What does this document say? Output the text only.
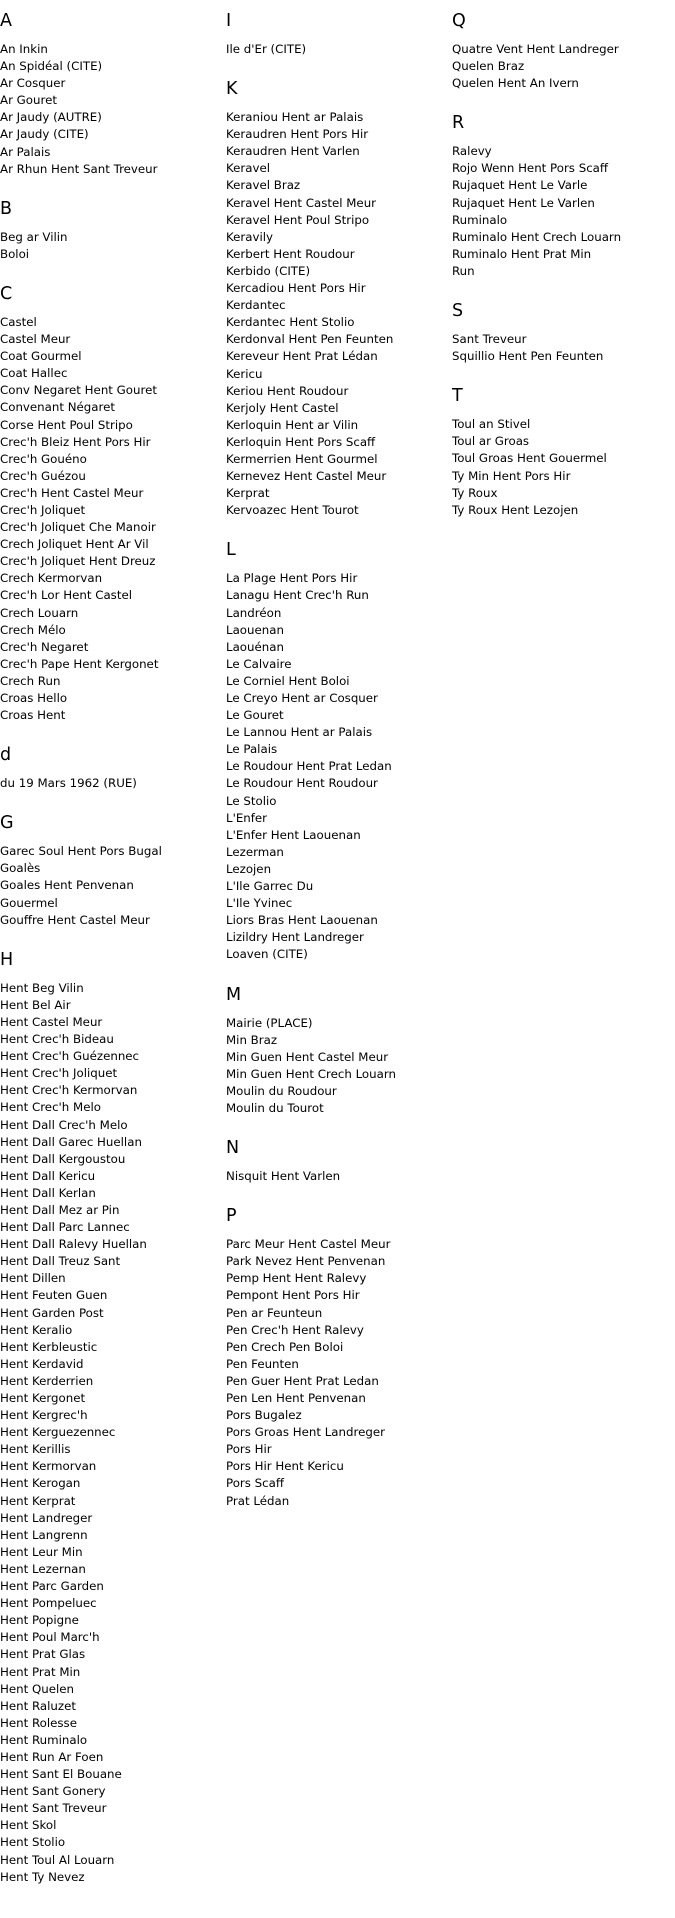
A
An Inkin
An Spidéal (CITE)
Ar Cosquer
Ar Gouret
Ar Jaudy (AUTRE)
Ar Jaudy (CITE)
Ar Palais
Ar Rhun Hent Sant Treveur
B
Beg ar Vilin
Boloi
C
Castel
Castel Meur
Coat Gourmel
Coat Hallec
Conv Negaret Hent Gouret
Convenant Négaret
Corse Hent Poul Stripo
Crec'h Bleiz Hent Pors Hir
Crec'h Gouéno
Crec'h Guézou
Crec'h Hent Castel Meur
Crec'h Joliquet
Crec'h Joliquet Che Manoir
Crech Joliquet Hent Ar Vil
Crec'h Joliquet Hent Dreuz
Crech Kermorvan
Crec'h Lor Hent Castel
Crech Louarn
Crech Mélo
Crec'h Negaret
Crec'h Pape Hent Kergonet
Crech Run
Croas Hello
Croas Hent
d
du 19 Mars 1962 (RUE)
G
Garec Soul Hent Pors Bugal
Goalès
Goales Hent Penvenan
Gouermel
Gouffre Hent Castel Meur
H
Hent Beg Vilin
Hent Bel Air
Hent Castel Meur
Hent Crec'h Bideau
Hent Crec'h Guézennec
Hent Crec'h Joliquet
Hent Crec'h Kermorvan
Hent Crec'h Melo
Hent Dall Crec'h Melo
Hent Dall Garec Huellan
Hent Dall Kergoustou
Hent Dall Kericu
Hent Dall Kerlan
Hent Dall Mez ar Pin
Hent Dall Parc Lannec
Hent Dall Ralevy Huellan
Hent Dall Treuz Sant
Hent Dillen
Hent Feuten Guen
Hent Garden Post
Hent Keralio
Hent Kerbleustic
Hent Kerdavid
Hent Kerderrien
Hent Kergonet
Hent Kergrec'h
Hent Kerguezennec
Hent Kerillis
Hent Kermorvan
Hent Kerogan
Hent Kerprat
Hent Landreger
Hent Langrenn
Hent Leur Min
Hent Lezernan
Hent Parc Garden
Hent Pompeluec
Hent Popigne
Hent Poul Marc'h
Hent Prat Glas
Hent Prat Min
Hent Quelen
Hent Raluzet
Hent Rolesse
Hent Ruminalo
Hent Run Ar Foen
Hent Sant El Bouane
Hent Sant Gonery
Hent Sant Treveur
Hent Skol
Hent Stolio
Hent Toul Al Louarn
Hent Ty Nevez
I
Ile d'Er (CITE)
K
Keraniou Hent ar Palais
Keraudren Hent Pors Hir
Keraudren Hent Varlen
Keravel
Keravel Braz
Keravel Hent Castel Meur
Keravel Hent Poul Stripo
Keravily
Kerbert Hent Roudour
Kerbido (CITE)
Kercadiou Hent Pors Hir
Kerdantec
Kerdantec Hent Stolio
Kerdonval Hent Pen Feunten
Kereveur Hent Prat Lédan
Kericu
Keriou Hent Roudour
Kerjoly Hent Castel
Kerloquin Hent ar Vilin
Kerloquin Hent Pors Scaff
Kermerrien Hent Gourmel
Kernevez Hent Castel Meur
Kerprat
Kervoazec Hent Tourot
L
La Plage Hent Pors Hir
Lanagu Hent Crec'h Run
Landréon
Laouenan
Laouénan
Le Calvaire
Le Corniel Hent Boloi
Le Creyo Hent ar Cosquer
Le Gouret
Le Lannou Hent ar Palais
Le Palais
Le Roudour Hent Prat Ledan
Le Roudour Hent Roudour
Le Stolio
L'Enfer
L'Enfer Hent Laouenan
Lezerman
Lezojen
L'Ile Garrec Du
L'Ile Yvinec
Liors Bras Hent Laouenan
Lizildry Hent Landreger
Loaven (CITE)
M
Mairie (PLACE)
Min Braz
Min Guen Hent Castel Meur
Min Guen Hent Crech Louarn
Moulin du Roudour
Moulin du Tourot
N
Nisquit Hent Varlen
P
Parc Meur Hent Castel Meur
Park Nevez Hent Penvenan
Pemp Hent Hent Ralevy
Pempont Hent Pors Hir
Pen ar Feunteun
Pen Crec'h Hent Ralevy
Pen Crech Pen Boloi
Pen Feunten
Pen Guer Hent Prat Ledan
Pen Len Hent Penvenan
Pors Bugalez
Pors Groas Hent Landreger
Pors Hir
Pors Hir Hent Kericu
Pors Scaff
Prat Lédan
Q
Quatre Vent Hent Landreger
Quelen Braz
Quelen Hent An Ivern
R
Ralevy
Rojo Wenn Hent Pors Scaff
Rujaquet Hent Le Varle
Rujaquet Hent Le Varlen
Ruminalo
Ruminalo Hent Crech Louarn
Ruminalo Hent Prat Min
Run
S
Sant Treveur
Squillio Hent Pen Feunten
T
Toul an Stivel
Toul ar Groas
Toul Groas Hent Gouermel
Ty Min Hent Pors Hir
Ty Roux
Ty Roux Hent Lezojen
